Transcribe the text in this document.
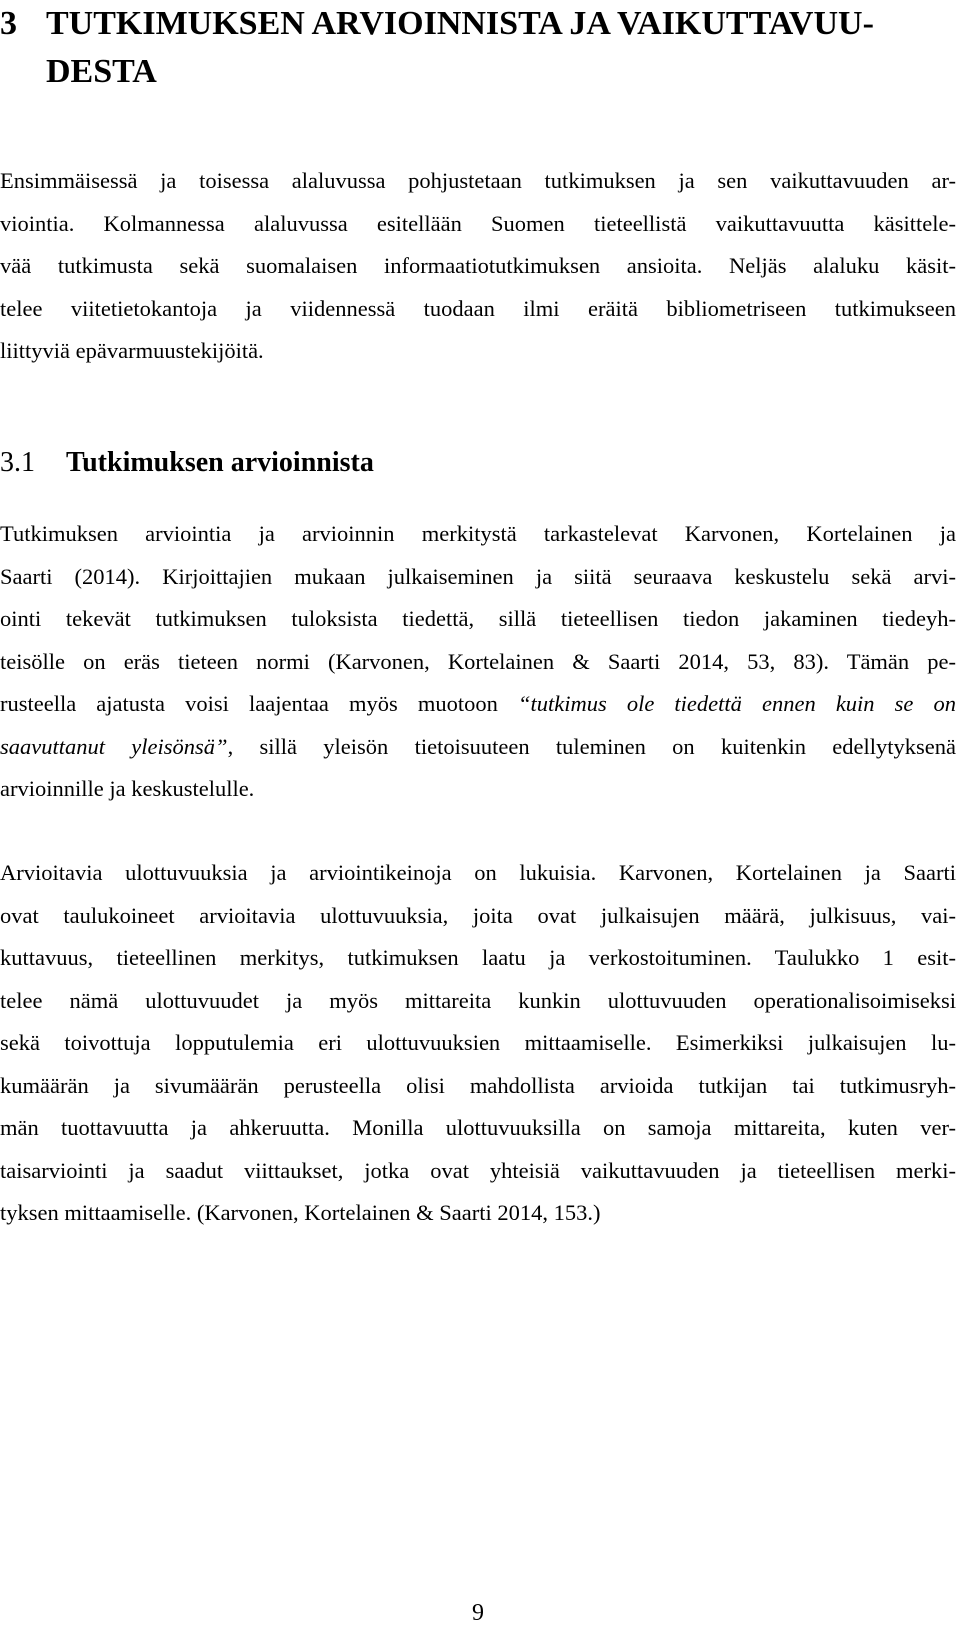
3 TUTKIMUKSEN ARVIOINNISTA JA VAIKUTTAVUU-
DESTA

Ensimmäisessä ja toisessa alaluvussa pohjustetaan tutkimuksen ja sen vaikuttavuuden ar-
viointia. Kolmannessa alaluvussa esitellään Suomen tieteellistä vaikuttavuutta käsittele-
vää tutkimusta sekä suomalaisen informaatiotutkimuksen ansioita. Neljäs alaluku käsit-
telee viitetietokantoja ja viidennessä tuodaan ilmi eräitä bibliometriseen tutkimukseen
liittyviä epävarmuustekijöitä.

3.1 Tutkimuksen arvioinnista

Tutkimuksen arviointia ja arvioinnin merkitystä tarkastelevat Karvonen, Kortelainen ja
Saarti (2014). Kirjoittajien mukaan julkaiseminen ja siitä seuraava keskustelu sekä arvi-
ointi tekevät tutkimuksen tuloksista tiedettä, sillä tieteellisen tiedon jakaminen tiedeyh-
teisölle on eräs tieteen normi (Karvonen, Kortelainen & Saarti 2014, 53, 83). Tämän pe-
rusteella ajatusta voisi laajentaa myös muotoon “tutkimus ole tiedettä ennen kuin se on
saavuttanut yleisönsä”, sillä yleisön tietoisuuteen tuleminen on kuitenkin edellytyksenä
arvioinnille ja keskustelulle.

Arvioitavia ulottuvuuksia ja arviointikeinoja on lukuisia. Karvonen, Kortelainen ja Saarti
ovat taulukoineet arvioitavia ulottuvuuksia, joita ovat julkaisujen määrä, julkisuus, vai-
kuttavuus, tieteellinen merkitys, tutkimuksen laatu ja verkostoituminen. Taulukko 1 esit-
telee nämä ulottuvuudet ja myös mittareita kunkin ulottuvuuden operationalisoimiseksi
sekä toivottuja lopputulemia eri ulottuvuuksien mittaamiselle. Esimerkiksi julkaisujen lu-
kumäärän ja sivumäärän perusteella olisi mahdollista arvioida tutkijan tai tutkimusryh-
män tuottavuutta ja ahkeruutta. Monilla ulottuvuuksilla on samoja mittareita, kuten ver-
taisarviointi ja saadut viittaukset, jotka ovat yhteisiä vaikuttavuuden ja tieteellisen merki-
tyksen mittaamiselle. (Karvonen, Kortelainen & Saarti 2014, 153.)

9
